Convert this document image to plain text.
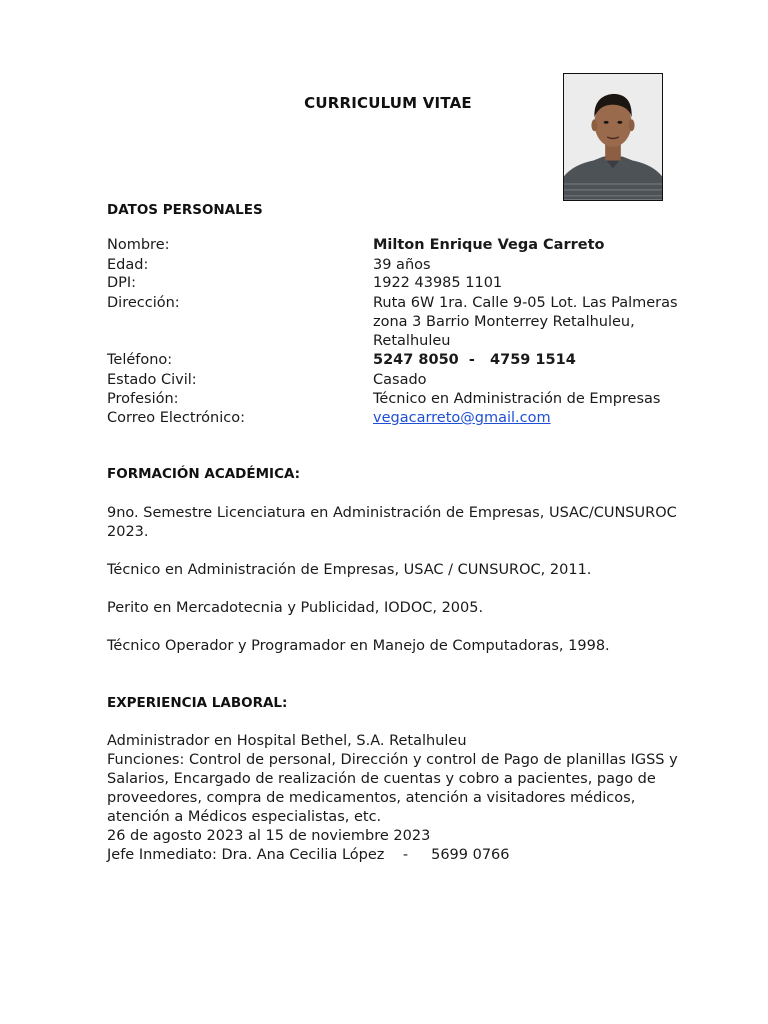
CURRICULUM VITAE
DATOS PERSONALES
Nombre:	Milton Enrique Vega Carreto
Edad:	39 años
DPI:	1922 43985 1101
Dirección:	Ruta 6W 1ra. Calle 9-05 Lot. Las Palmeras
zona 3 Barrio Monterrey Retalhuleu,
Retalhuleu
Teléfono:	5247 8050  -   4759 1514
Estado Civil:	Casado
Profesión:	Técnico en Administración de Empresas
Correo Electrónico:	vegacarreto@gmail.com
FORMACIÓN ACADÉMICA:
9no. Semestre Licenciatura en Administración de Empresas, USAC/CUNSUROC 2023.
Técnico en Administración de Empresas, USAC / CUNSUROC, 2011.
Perito en Mercadotecnia y Publicidad, IODOC, 2005.
Técnico Operador y Programador en Manejo de Computadoras, 1998.
EXPERIENCIA LABORAL:
Administrador en Hospital Bethel, S.A. Retalhuleu
Funciones: Control de personal, Dirección y control de Pago de planillas IGSS y Salarios, Encargado de realización de cuentas y cobro a pacientes, pago de proveedores, compra de medicamentos, atención a visitadores médicos, atención a Médicos especialistas, etc.
26 de agosto 2023 al 15 de noviembre 2023
Jefe Inmediato: Dra. Ana Cecilia López    -     5699 0766
